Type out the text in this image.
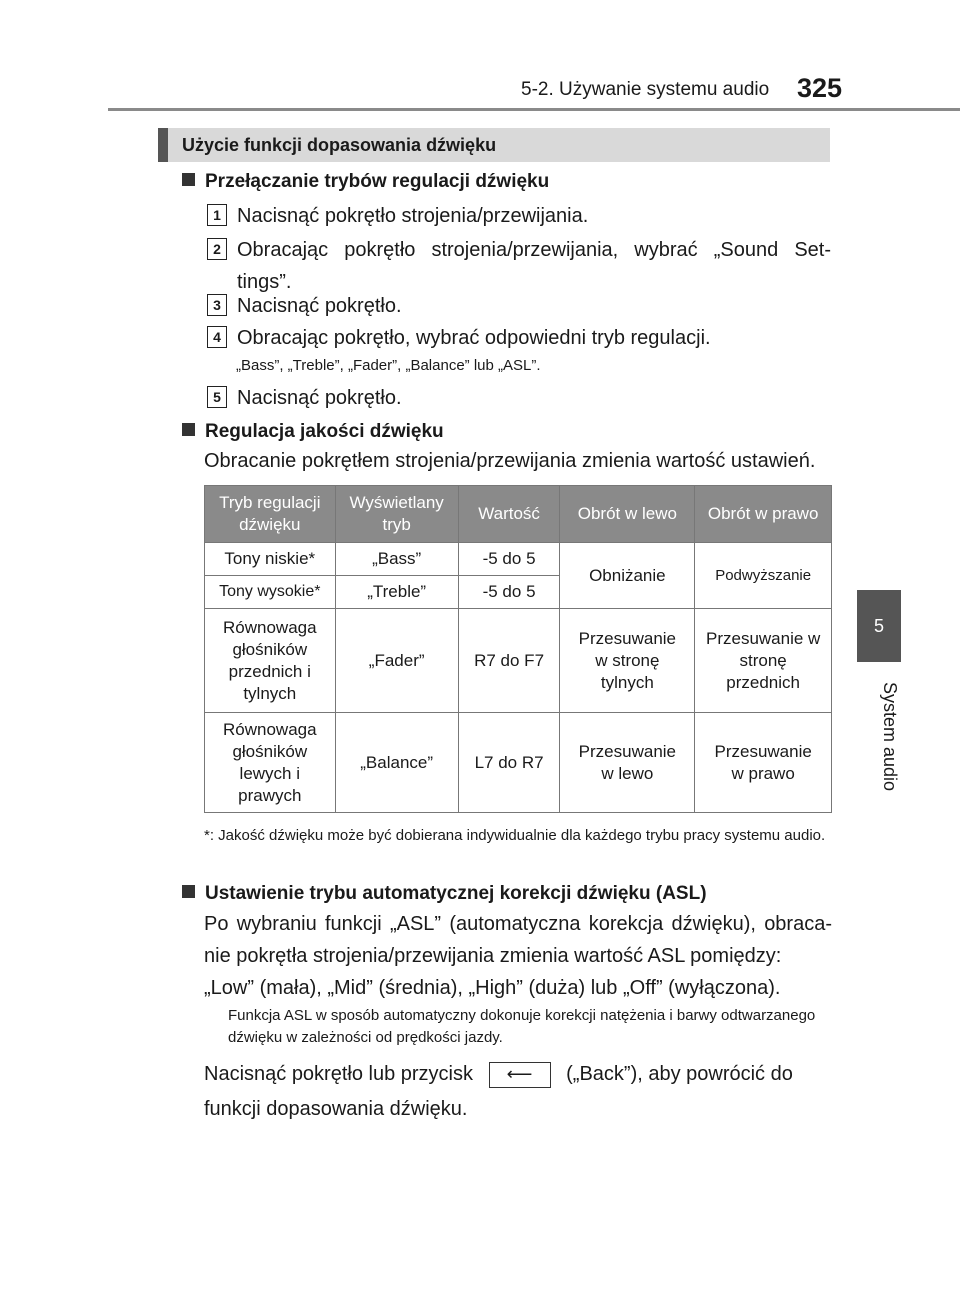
5-2. Używanie systemu audio 325
5
System audio
Użycie funkcji dopasowania dźwięku
Przełączanie trybów regulacji dźwięku
1 Nacisnąć pokrętło strojenia/przewijania.
2 Obracając pokrętło strojenia/przewijania, wybrać „Sound Set-tings”.
3 Nacisnąć pokrętło.
4 Obracając pokrętło, wybrać odpowiedni tryb regulacji.
„Bass”, „Treble”, „Fader”, „Balance” lub „ASL”.
5 Nacisnąć pokrętło.
Regulacja jakości dźwięku
Obracanie pokrętłem strojenia/przewijania zmienia wartość ustawień.
Tryb regulacji dźwięku	Wyświetlany tryb	Wartość	Obrót w lewo	Obrót w prawo
Tony niskie*	„Bass”	-5 do 5	Obniżanie	Podwyższanie
Tony wysokie*	„Treble”	-5 do 5		
Równowaga głośników przednich i tylnych	„Fader”	R7 do F7	Przesuwanie w stronę tylnych	Przesuwanie w stronę przednich
Równowaga głośników lewych i prawych	„Balance”	L7 do R7	Przesuwanie w lewo	Przesuwanie w prawo
*: Jakość dźwięku może być dobierana indywidualnie dla każdego trybu pracy systemu audio.
Ustawienie trybu automatycznej korekcji dźwięku (ASL)
Po wybraniu funkcji „ASL” (automatyczna korekcja dźwięku), obraca-nie pokrętła strojenia/przewijania zmienia wartość ASL pomiędzy:
„Low” (mała), „Mid” (średnia), „High” (duża) lub „Off” (wyłączona).
Funkcja ASL w sposób automatyczny dokonuje korekcji natężenia i barwy odtwarzanego dźwięku w zależności od prędkości jazdy.
Nacisnąć pokrętło lub przycisk ⟵ („Back”), aby powrócić do
funkcji dopasowania dźwięku.
